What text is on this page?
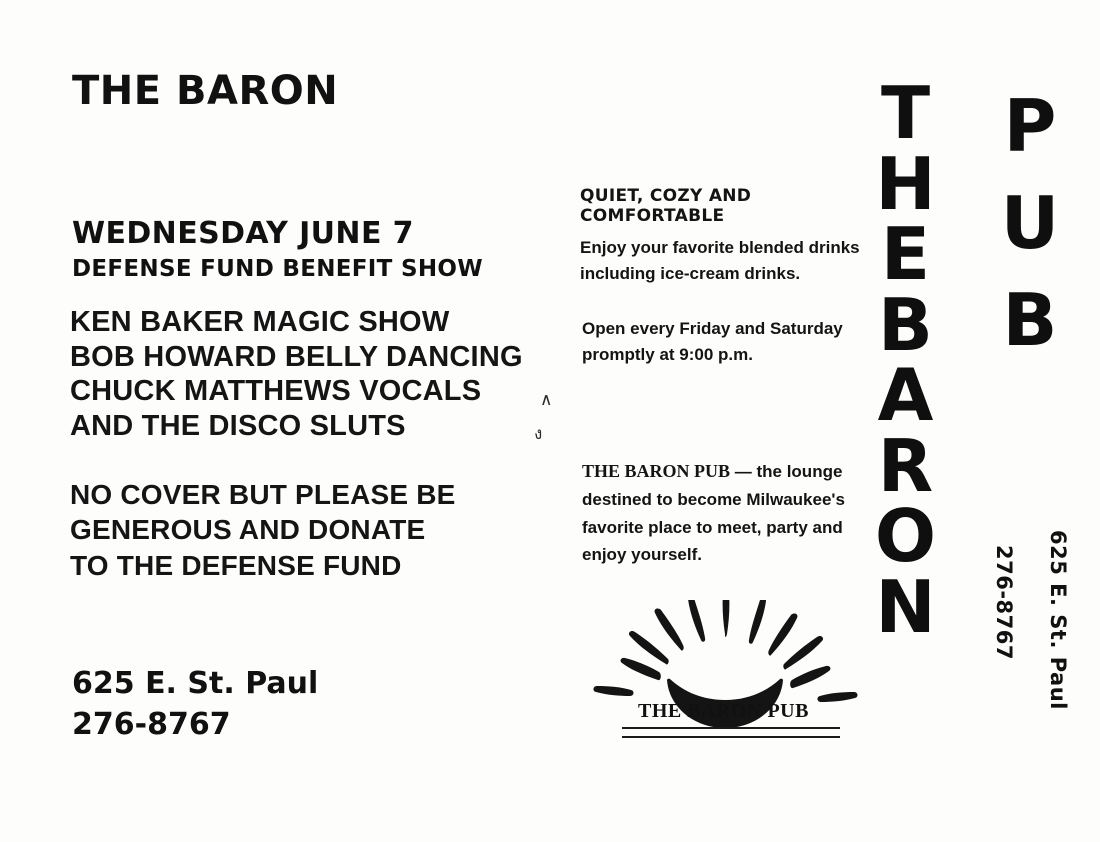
THE BARON
WEDNESDAY JUNE 7
DEFENSE FUND BENEFIT SHOW
KEN BAKER MAGIC SHOW
BOB HOWARD BELLY DANCING
CHUCK MATTHEWS VOCALS
AND THE DISCO SLUTS
NO COVER BUT PLEASE BE
GENEROUS AND DONATE
TO THE DEFENSE FUND
625 E. St. Paul
276-8767
∧
ง
QUIET, COZY AND COMFORTABLE
Enjoy your favorite blended drinks including ice-cream drinks.
Open every Friday and Saturday promptly at 9:00 p.m.
THE BARON PUB — the lounge destined to become Milwaukee's favorite place to meet, party and enjoy yourself.
THE BARON PUB
T
H
E
B
A
R
O
N
P
U
B
276-8767 625 E. St. Paul
